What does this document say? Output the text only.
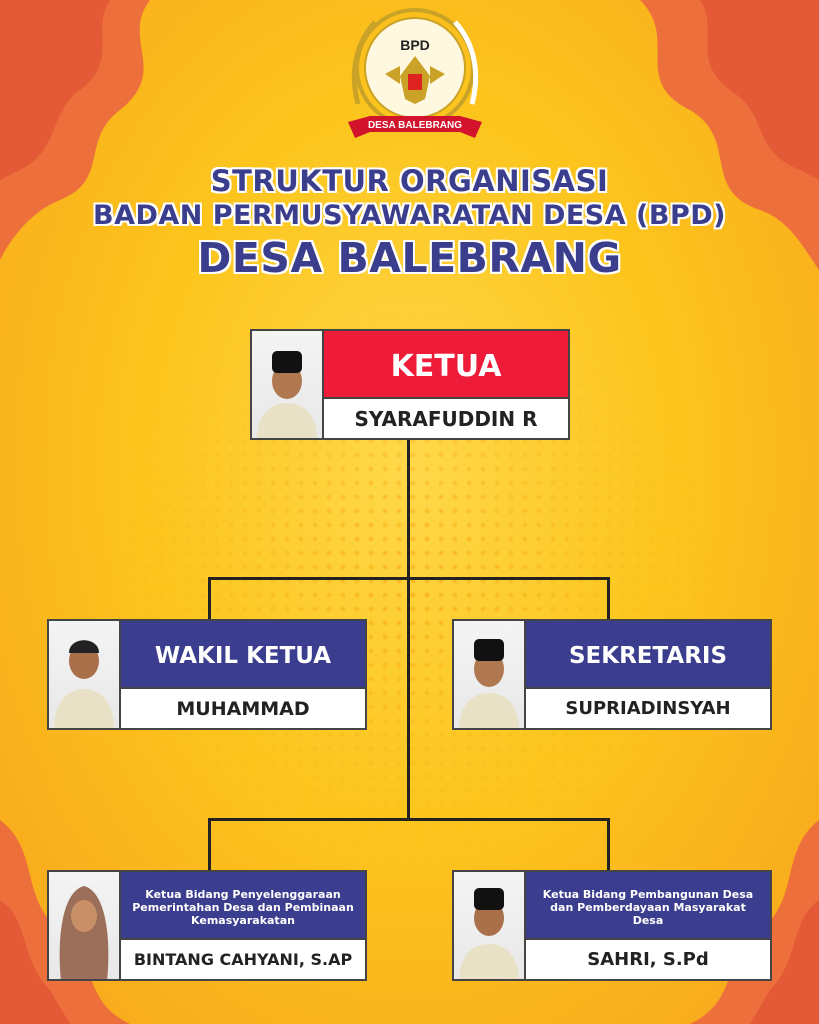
BPD
DESA BALEBRANG
STRUKTUR ORGANISASI
BADAN PERMUSYAWARATAN DESA (BPD)
DESA BALEBRANG
KETUA
SYARAFUDDIN R
WAKIL KETUA
MUHAMMAD
SEKRETARIS
SUPRIADINSYAH
Ketua Bidang Penyelenggaraan Pemerintahan Desa dan Pembinaan Kemasyarakatan
BINTANG CAHYANI, S.AP
Ketua Bidang Pembangunan Desa dan Pemberdayaan Masyarakat Desa
SAHRI, S.Pd
